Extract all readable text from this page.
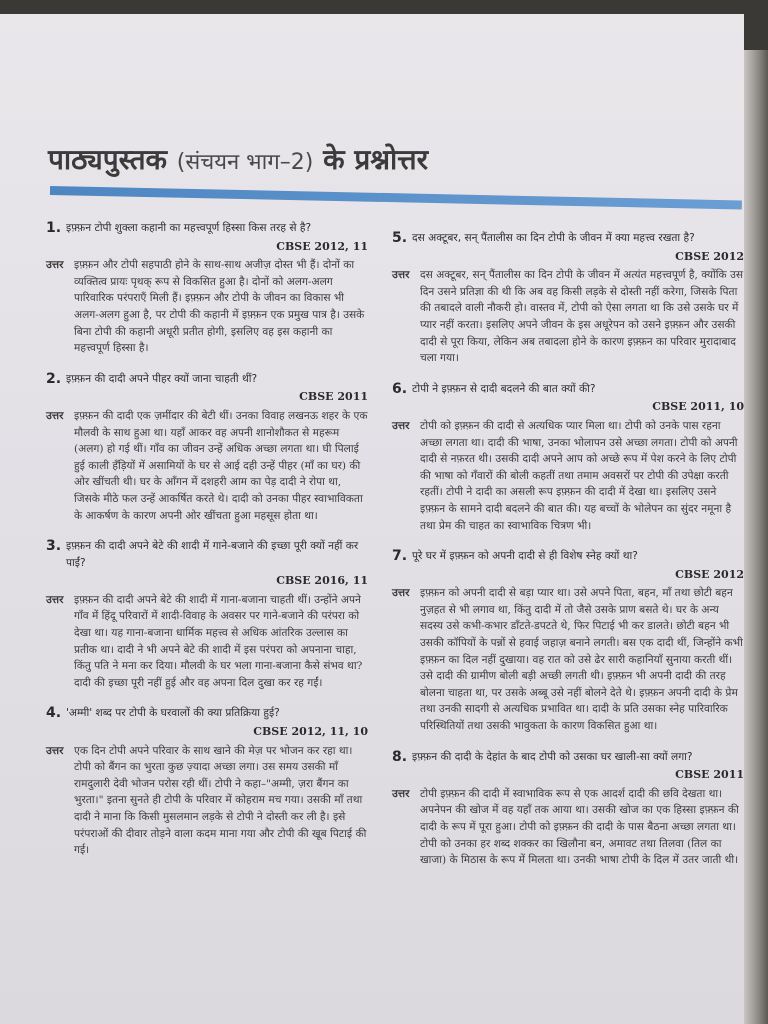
पाठ्यपुस्तक (संचयन भाग–2) के प्रश्नोत्तर
1. इफ़्फ़न टोपी शुक्ला कहानी का महत्त्वपूर्ण हिस्सा किस तरह से है?
CBSE 2012, 11
उत्तर इफ़्फ़न और टोपी सहपाठी होने के साथ-साथ अजीज़ दोस्त भी हैं। दोनों का व्यक्तित्व प्रायः पृथक् रूप से विकसित हुआ है। दोनों को अलग-अलग पारिवारिक परंपराएँ मिली हैं। इफ़्फ़न और टोपी के जीवन का विकास भी अलग-अलग हुआ है, पर टोपी की कहानी में इफ़्फ़न एक प्रमुख पात्र है। उसके बिना टोपी की कहानी अधूरी प्रतीत होगी, इसलिए वह इस कहानी का महत्त्वपूर्ण हिस्सा है।
2. इफ़्फ़न की दादी अपने पीहर क्यों जाना चाहती थीं?
CBSE 2011
उत्तर इफ़्फ़न की दादी एक ज़मींदार की बेटी थीं। उनका विवाह लखनऊ शहर के एक मौलवी के साथ हुआ था। यहाँ आकर वह अपनी शानोशौकत से महरूम (अलग) हो गई थीं। गाँव का जीवन उन्हें अधिक अच्छा लगता था। घी पिलाई हुई काली हँड़ियों में असामियों के घर से आई दही उन्हें पीहर (माँ का घर) की ओर खींचती थी। घर के आँगन में दशहरी आम का पेड़ दादी ने रोपा था, जिसके मीठे फल उन्हें आकर्षित करते थे। दादी को उनका पीहर स्वाभाविकता के आकर्षण के कारण अपनी ओर खींचता हुआ महसूस होता था।
3. इफ़्फ़न की दादी अपने बेटे की शादी में गाने-बजाने की इच्छा पूरी क्यों नहीं कर पाईं?
CBSE 2016, 11
उत्तर इफ़्फ़न की दादी अपने बेटे की शादी में गाना-बजाना चाहती थीं। उन्होंने अपने गाँव में हिंदू परिवारों में शादी-विवाह के अवसर पर गाने-बजाने की परंपरा को देखा था। यह गाना-बजाना धार्मिक महत्त्व से अधिक आंतरिक उल्लास का प्रतीक था। दादी ने भी अपने बेटे की शादी में इस परंपरा को अपनाना चाहा, किंतु पति ने मना कर दिया। मौलवी के घर भला गाना-बजाना कैसे संभव था? दादी की इच्छा पूरी नहीं हुई और वह अपना दिल दुखा कर रह गईं।
4. 'अम्मी' शब्द पर टोपी के घरवालों की क्या प्रतिक्रिया हुई?
CBSE 2012, 11, 10
उत्तर एक दिन टोपी अपने परिवार के साथ खाने की मेज़ पर भोजन कर रहा था। टोपी को बैंगन का भुरता कुछ ज़्यादा अच्छा लगा। उस समय उसकी माँ रामदुलारी देवी भोजन परोस रही थीं। टोपी ने कहा–"अम्मी, ज़रा बैंगन का भुरता।" इतना सुनते ही टोपी के परिवार में कोहराम मच गया। उसकी माँ तथा दादी ने माना कि किसी मुसलमान लड़के से टोपी ने दोस्ती कर ली है। इसे परंपराओं की दीवार तोड़ने वाला कदम माना गया और टोपी की खूब पिटाई की गई।
5. दस अक्टूबर, सन् पैंतालीस का दिन टोपी के जीवन में क्या महत्त्व रखता है?
CBSE 2012
उत्तर दस अक्टूबर, सन् पैंतालीस का दिन टोपी के जीवन में अत्यंत महत्त्वपूर्ण है, क्योंकि उस दिन उसने प्रतिज्ञा की थी कि अब वह किसी लड़के से दोस्ती नहीं करेगा, जिसके पिता की तबादले वाली नौकरी हो। वास्तव में, टोपी को ऐसा लगता था कि उसे उसके घर में प्यार नहीं करता। इसलिए अपने जीवन के इस अधूरेपन को उसने इफ़्फ़न और उसकी दादी से पूरा किया, लेकिन अब तबादला होने के कारण इफ़्फ़न का परिवार मुरादाबाद चला गया।
6. टोपी ने इफ़्फ़न से दादी बदलने की बात क्यों की?
CBSE 2011, 10
उत्तर टोपी को इफ़्फ़न की दादी से अत्यधिक प्यार मिला था। टोपी को उनके पास रहना अच्छा लगता था। दादी की भाषा, उनका भोलापन उसे अच्छा लगता। टोपी को अपनी दादी से नफ़रत थी। उसकी दादी अपने आप को अच्छे रूप में पेश करने के लिए टोपी की भाषा को गँवारों की बोली कहतीं तथा तमाम अवसरों पर टोपी की उपेक्षा करती रहतीं। टोपी ने दादी का असली रूप इफ़्फ़न की दादी में देखा था। इसलिए उसने इफ़्फ़न के सामने दादी बदलने की बात की। यह बच्चों के भोलेपन का सुंदर नमूना है तथा प्रेम की चाहत का स्वाभाविक चित्रण भी।
7. पूरे घर में इफ़्फ़न को अपनी दादी से ही विशेष स्नेह क्यों था?
CBSE 2012
उत्तर इफ़्फ़न को अपनी दादी से बड़ा प्यार था। उसे अपने पिता, बहन, माँ तथा छोटी बहन नुज़हत से भी लगाव था, किंतु दादी में तो जैसे उसके प्राण बसते थे। घर के अन्य सदस्य उसे कभी-कभार डाँटते-डपटते थे, फिर पिटाई भी कर डालते। छोटी बहन भी उसकी कॉपियों के पन्नों से हवाई जहाज़ बनाने लगती। बस एक दादी थीं, जिन्होंने कभी इफ़्फ़न का दिल नहीं दुखाया। वह रात को उसे ढेर सारी कहानियाँ सुनाया करती थीं। उसे दादी की ग्रामीण बोली बड़ी अच्छी लगती थी। इफ़्फ़न भी अपनी दादी की तरह बोलना चाहता था, पर उसके अब्बू उसे नहीं बोलने देते थे। इफ़्फ़न अपनी दादी के प्रेम तथा उनकी सादगी से अत्यधिक प्रभावित था। दादी के प्रति उसका स्नेह पारिवारिक परिस्थितियों तथा उसकी भावुकता के कारण विकसित हुआ था।
8. इफ़्फ़न की दादी के देहांत के बाद टोपी को उसका घर खाली-सा क्यों लगा?
CBSE 2011
उत्तर टोपी इफ़्फ़न की दादी में स्वाभाविक रूप से एक आदर्श दादी की छवि देखता था। अपनेपन की खोज में वह यहाँ तक आया था। उसकी खोज का एक हिस्सा इफ़्फ़न की दादी के रूप में पूरा हुआ। टोपी को इफ़्फ़न की दादी के पास बैठना अच्छा लगता था। टोपी को उनका हर शब्द शक्कर का खिलौना बन, अमावट तथा तिलवा (तिल का खाजा) के मिठास के रूप में मिलता था। उनकी भाषा टोपी के दिल में उतर जाती थी।
